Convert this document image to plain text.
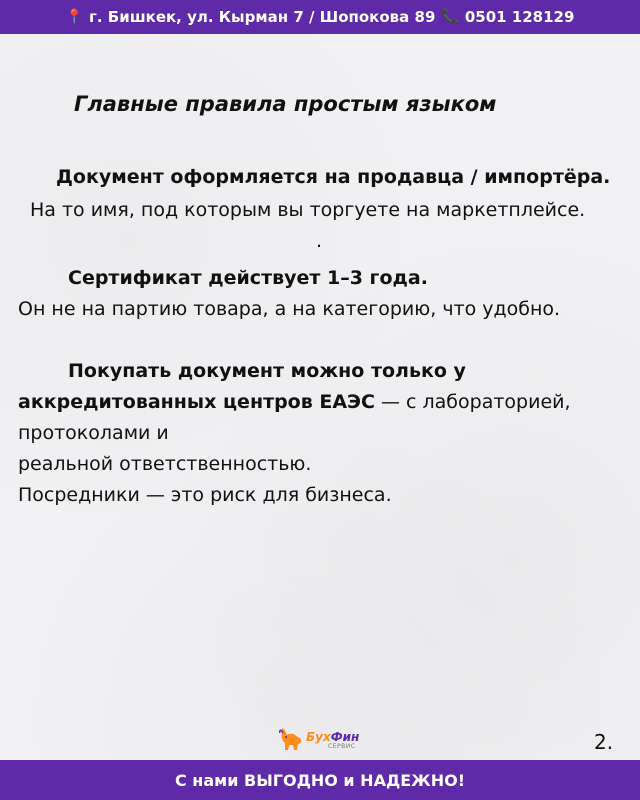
📍 г. Бишкек, ул. Кырман 7 / Шопокова 89 📞 0501 128129
Главные правила простым языком
Документ оформляется на продавца / импортёра.
На то имя, под которым вы торгуете на маркетплейсе.
.
Сертификат действует 1–3 года.
Он не на партию товара, а на категорию, что удобно.
Покупать документ можно только у
аккредитованных центров ЕАЭС — с лабораторией,
протоколами и
реальной ответственностью.
Посредники — это риск для бизнеса.
БухФин
СЕРВИС	2.
С нами ВЫГОДНО и НАДЕЖНО!
